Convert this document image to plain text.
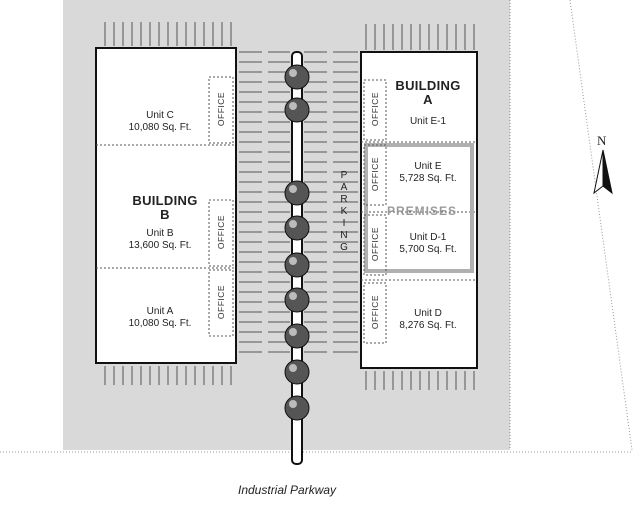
Unit C
10,080 Sq. Ft.
BUILDING
B
Unit B
13,600 Sq. Ft.
Unit A
10,080 Sq. Ft.
OFFICE
OFFICE
OFFICE
BUILDING
A
Unit E-1
Unit E
5,728 Sq. Ft.
PREMISES
Unit D-1
5,700 Sq. Ft.
Unit D
8,276 Sq. Ft.
OFFICE
OFFICE
OFFICE
OFFICE
P
A
R
K
I
N
G
N
Industrial Parkway
